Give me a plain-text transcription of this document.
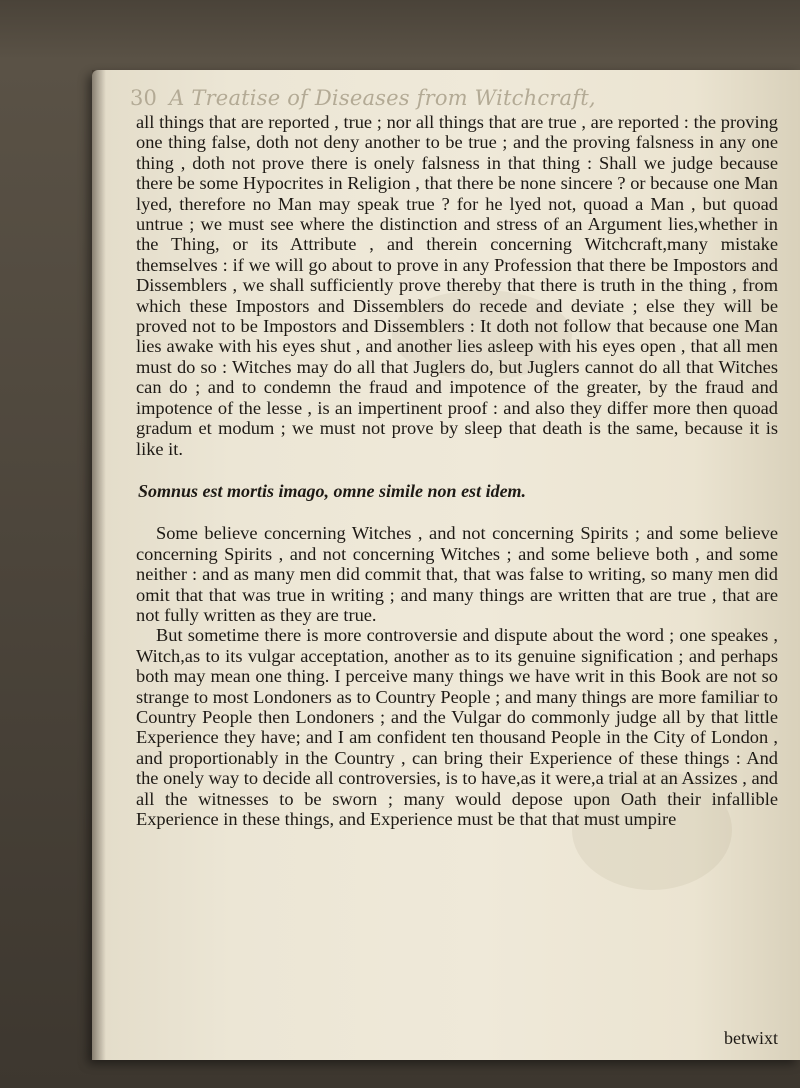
30 A Treatise of Diseases from Witchcraft,

all things that are reported , true ; nor all things that are true , are reported : the proving one thing false, doth not deny another to be true ; and the proving falsness in any one thing , doth not prove there is onely falsness in that thing : Shall we judge because there be some Hypocrites in Religion , that there be none sincere ? or because one Man lyed, therefore no Man may speak true ? for he lyed not, quoad a Man , but quoad untrue ; we must see where the distinction and stress of an Argument lies,whether in the Thing, or its Attribute , and therein concerning Witchcraft,many mistake themselves : if we will go about to prove in any Profession that there be Impostors and Dissemblers , we shall sufficiently prove thereby that there is truth in the thing , from which these Impostors and Dissemblers do recede and deviate ; else they will be proved not to be Impostors and Dissemblers : It doth not follow that because one Man lies awake with his eyes shut , and another lies asleep with his eyes open , that all men must do so : Witches may do all that Juglers do, but Juglers cannot do all that Witches can do ; and to condemn the fraud and impotence of the greater, by the fraud and impotence of the lesse , is an impertinent proof : and also they differ more then quoad gradum et modum ; we must not prove by sleep that death is the same, because it is like it.

Somnus est mortis imago, omne simile non est idem.

Some believe concerning Witches , and not concerning Spirits ; and some believe concerning Spirits , and not concerning Witches ; and some believe both , and some neither : and as many men did commit that, that was false to writing, so many men did omit that that was true in writing ; and many things are written that are true , that are not fully written as they are true.

But sometime there is more controversie and dispute about the word ; one speakes , Witch,as to its vulgar acceptation, another as to its genuine signification ; and perhaps both may mean one thing. I perceive many things we have writ in this Book are not so strange to most Londoners as to Country People ; and many things are more familiar to Country People then Londoners ; and the Vulgar do commonly judge all by that little Experience they have; and I am confident ten thousand People in the City of London , and proportionably in the Country , can bring their Experience of these things : And the onely way to decide all controversies, is to have,as it were,a trial at an Assizes , and all the witnesses to be sworn ; many would depose upon Oath their infallible Experience in these things, and Experience must be that that must umpire

betwixt
